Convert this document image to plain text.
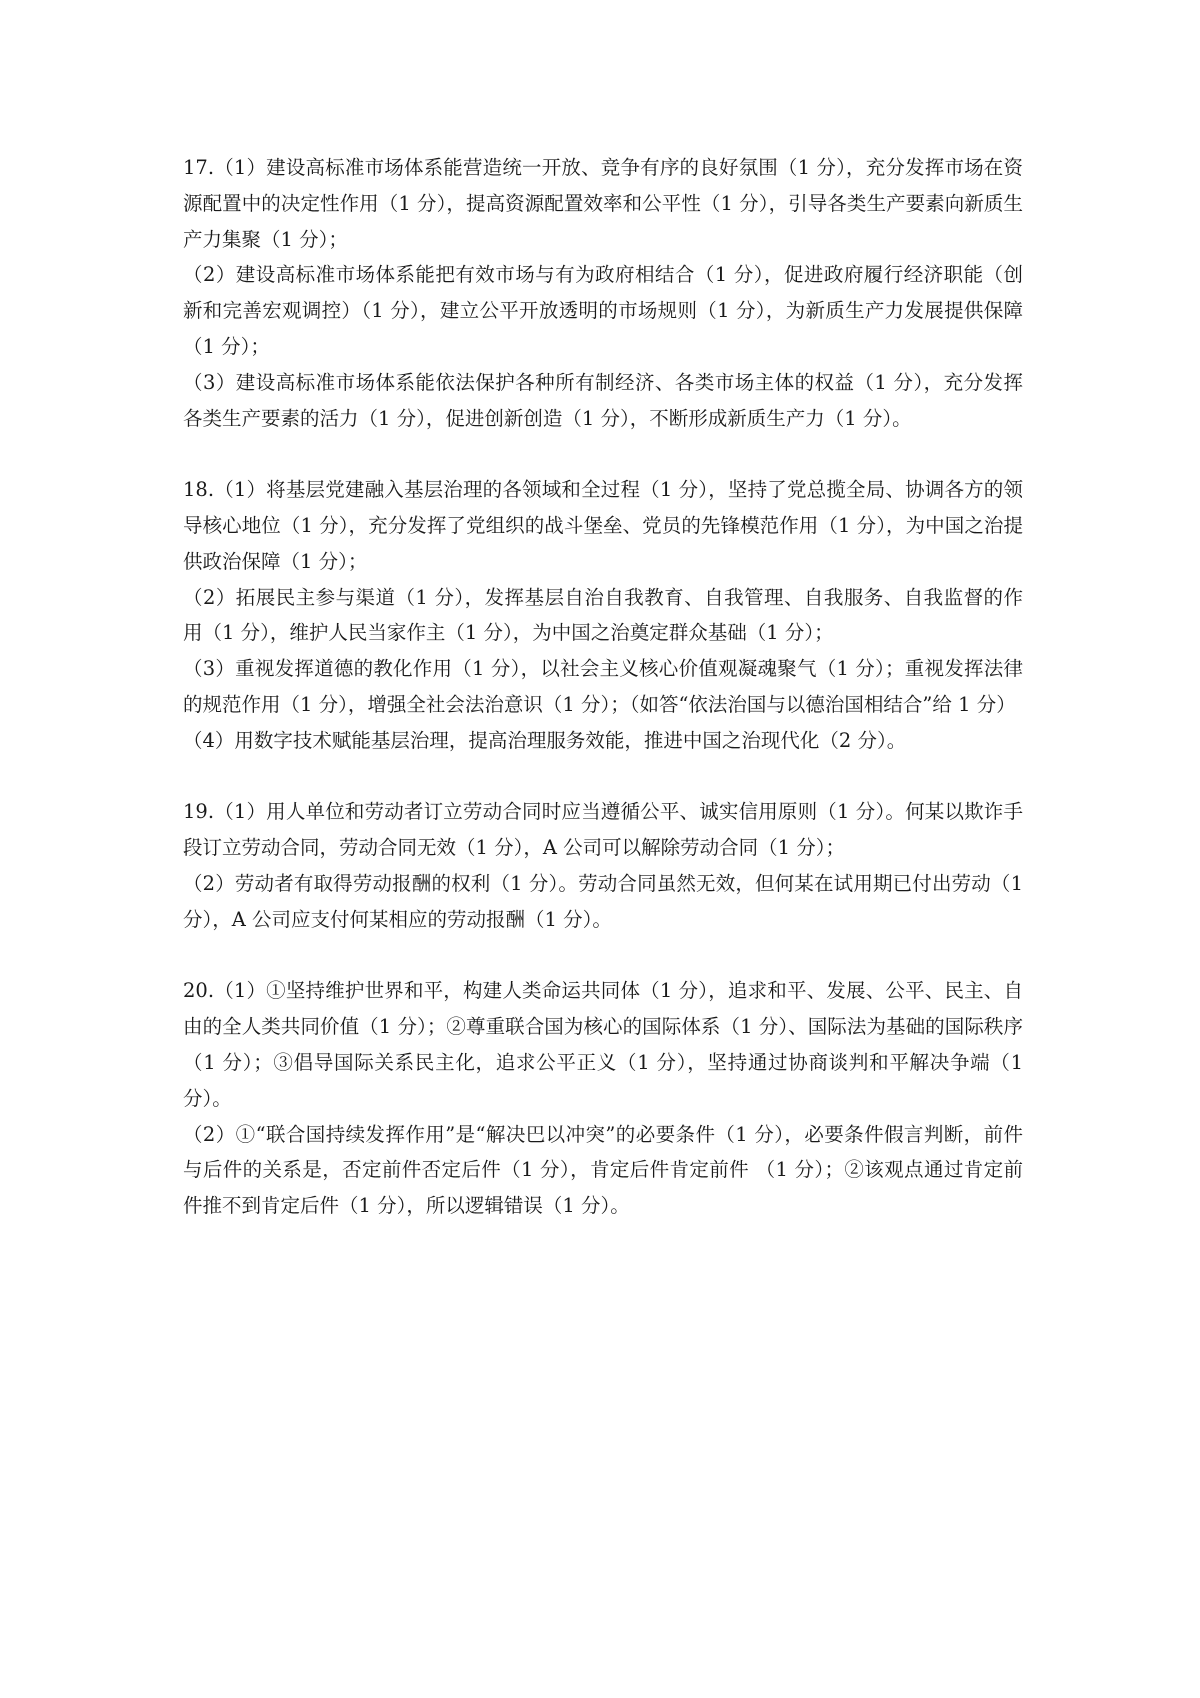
17.（1）建设高标准市场体系能营造统一开放、竞争有序的良好氛围（1 分），充分发挥市场在资源配置中的决定性作用（1 分），提高资源配置效率和公平性（1 分），引导各类生产要素向新质生产力集聚（1 分）；

（2）建设高标准市场体系能把有效市场与有为政府相结合（1 分），促进政府履行经济职能（创新和完善宏观调控）（1 分），建立公平开放透明的市场规则（1 分），为新质生产力发展提供保障（1 分）；

（3）建设高标准市场体系能依法保护各种所有制经济、各类市场主体的权益（1 分），充分发挥各类生产要素的活力（1 分），促进创新创造（1 分），不断形成新质生产力（1 分）。

18.（1）将基层党建融入基层治理的各领域和全过程（1 分），坚持了党总揽全局、协调各方的领导核心地位（1 分），充分发挥了党组织的战斗堡垒、党员的先锋模范作用（1 分），为中国之治提供政治保障（1 分）；

（2）拓展民主参与渠道（1 分），发挥基层自治自我教育、自我管理、自我服务、自我监督的作用（1 分），维护人民当家作主（1 分），为中国之治奠定群众基础（1 分）；

（3）重视发挥道德的教化作用（1 分），以社会主义核心价值观凝魂聚气（1 分）；重视发挥法律的规范作用（1 分），增强全社会法治意识（1 分）；（如答“依法治国与以德治国相结合”给 1 分）

（4）用数字技术赋能基层治理，提高治理服务效能，推进中国之治现代化（2 分）。

19.（1）用人单位和劳动者订立劳动合同时应当遵循公平、诚实信用原则（1 分）。何某以欺诈手段订立劳动合同，劳动合同无效（1 分），A 公司可以解除劳动合同（1 分）；

（2）劳动者有取得劳动报酬的权利（1 分）。劳动合同虽然无效，但何某在试用期已付出劳动（1 分），A 公司应支付何某相应的劳动报酬（1 分）。

20.（1）①坚持维护世界和平，构建人类命运共同体（1 分），追求和平、发展、公平、民主、自由的全人类共同价值（1 分）；②尊重联合国为核心的国际体系（1 分）、国际法为基础的国际秩序（1 分）；③倡导国际关系民主化，追求公平正义（1 分），坚持通过协商谈判和平解决争端（1 分）。

（2）①“联合国持续发挥作用”是“解决巴以冲突”的必要条件（1 分），必要条件假言判断，前件与后件的关系是，否定前件否定后件（1 分），肯定后件肯定前件 （1 分）；②该观点通过肯定前件推不到肯定后件（1 分），所以逻辑错误（1 分）。
